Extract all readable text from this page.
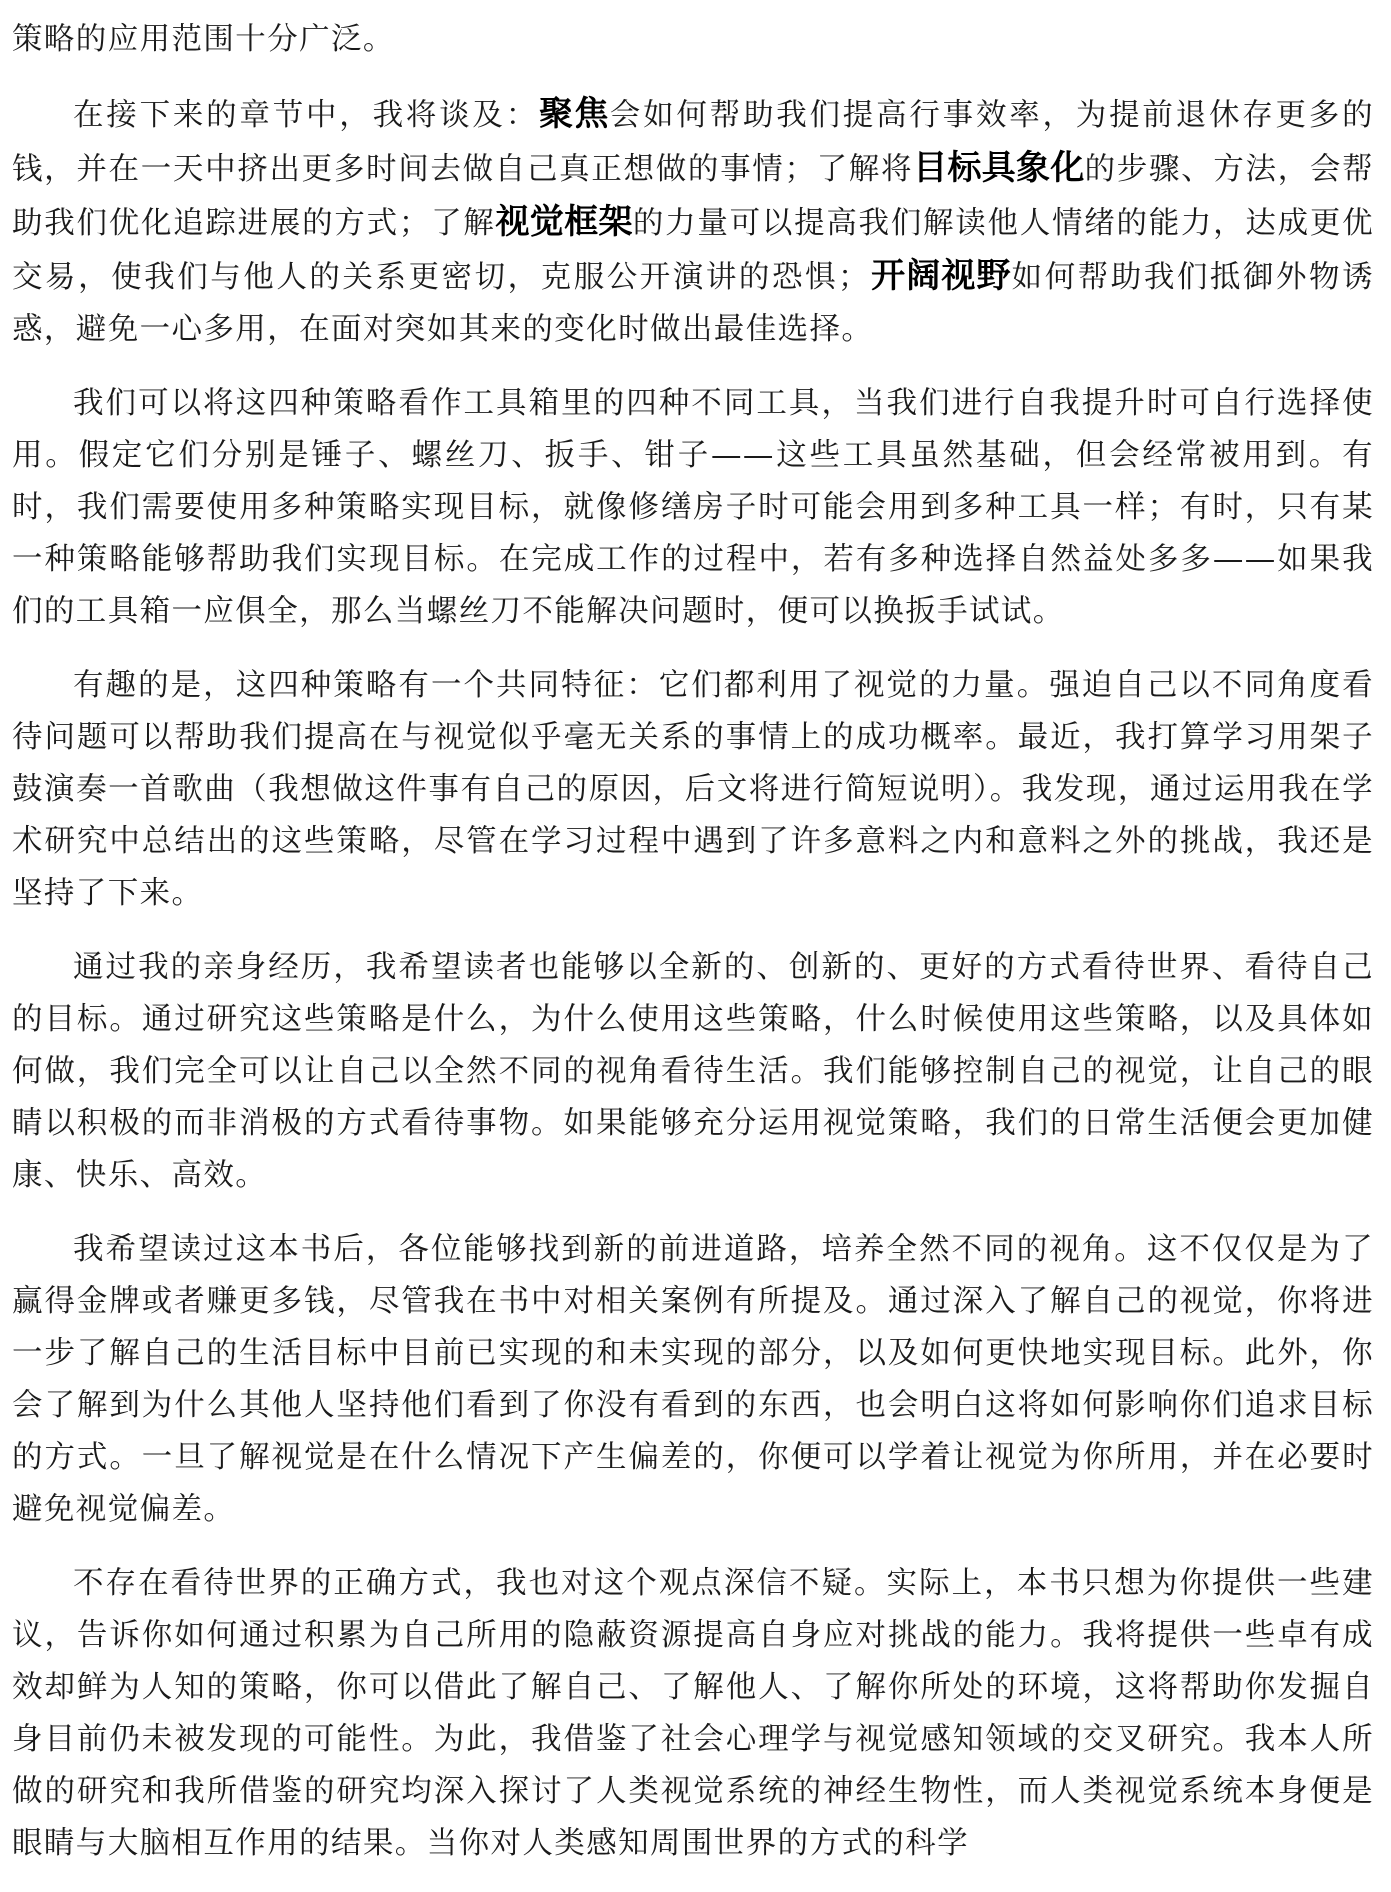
策略的应用范围十分广泛。

在接下来的章节中，我将谈及：聚焦会如何帮助我们提高行事效率，为提前退休存更多的钱，并在一天中挤出更多时间去做自己真正想做的事情；了解将目标具象化的步骤、方法，会帮助我们优化追踪进展的方式；了解视觉框架的力量可以提高我们解读他人情绪的能力，达成更优交易，使我们与他人的关系更密切，克服公开演讲的恐惧；开阔视野如何帮助我们抵御外物诱惑，避免一心多用，在面对突如其来的变化时做出最佳选择。

我们可以将这四种策略看作工具箱里的四种不同工具，当我们进行自我提升时可自行选择使用。假定它们分别是锤子、螺丝刀、扳手、钳子——这些工具虽然基础，但会经常被用到。有时，我们需要使用多种策略实现目标，就像修缮房子时可能会用到多种工具一样；有时，只有某一种策略能够帮助我们实现目标。在完成工作的过程中，若有多种选择自然益处多多——如果我们的工具箱一应俱全，那么当螺丝刀不能解决问题时，便可以换扳手试试。

有趣的是，这四种策略有一个共同特征：它们都利用了视觉的力量。强迫自己以不同角度看待问题可以帮助我们提高在与视觉似乎毫无关系的事情上的成功概率。最近，我打算学习用架子鼓演奏一首歌曲（我想做这件事有自己的原因，后文将进行简短说明）。我发现，通过运用我在学术研究中总结出的这些策略，尽管在学习过程中遇到了许多意料之内和意料之外的挑战，我还是坚持了下来。

通过我的亲身经历，我希望读者也能够以全新的、创新的、更好的方式看待世界、看待自己的目标。通过研究这些策略是什么，为什么使用这些策略，什么时候使用这些策略，以及具体如何做，我们完全可以让自己以全然不同的视角看待生活。我们能够控制自己的视觉，让自己的眼睛以积极的而非消极的方式看待事物。如果能够充分运用视觉策略，我们的日常生活便会更加健康、快乐、高效。

我希望读过这本书后，各位能够找到新的前进道路，培养全然不同的视角。这不仅仅是为了赢得金牌或者赚更多钱，尽管我在书中对相关案例有所提及。通过深入了解自己的视觉，你将进一步了解自己的生活目标中目前已实现的和未实现的部分，以及如何更快地实现目标。此外，你会了解到为什么其他人坚持他们看到了你没有看到的东西，也会明白这将如何影响你们追求目标的方式。一旦了解视觉是在什么情况下产生偏差的，你便可以学着让视觉为你所用，并在必要时避免视觉偏差。

不存在看待世界的正确方式，我也对这个观点深信不疑。实际上，本书只想为你提供一些建议，告诉你如何通过积累为自己所用的隐蔽资源提高自身应对挑战的能力。我将提供一些卓有成效却鲜为人知的策略，你可以借此了解自己、了解他人、了解你所处的环境，这将帮助你发掘自身目前仍未被发现的可能性。为此，我借鉴了社会心理学与视觉感知领域的交叉研究。我本人所做的研究和我所借鉴的研究均深入探讨了人类视觉系统的神经生物性，而人类视觉系统本身便是眼睛与大脑相互作用的结果。当你对人类感知周围世界的方式的科学
